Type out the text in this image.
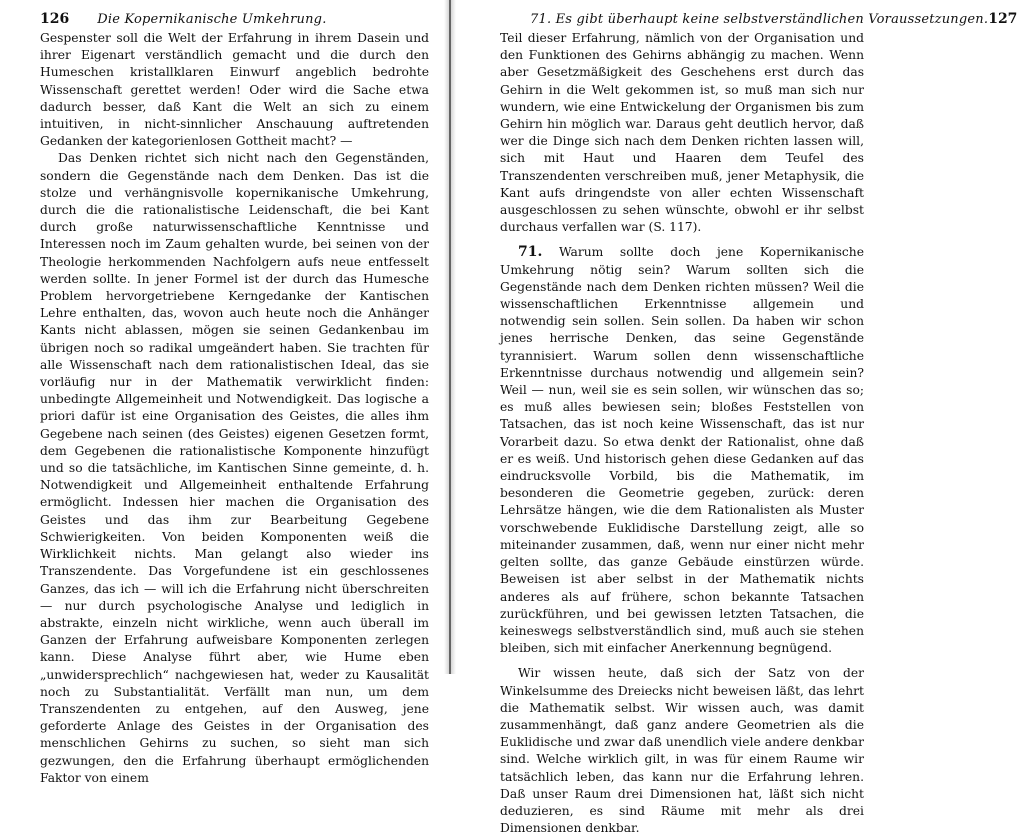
126 Die Kopernikanische Umkehrung.

Gespenster soll die Welt der Erfahrung in ihrem Dasein und ihrer Eigenart verständlich gemacht und die durch den Humeschen kristallklaren Einwurf angeblich bedrohte Wissenschaft gerettet werden! Oder wird die Sache etwa dadurch besser, daß Kant die Welt an sich zu einem intuitiven, in nicht-sinnlicher Anschauung auftretenden Gedanken der kategorienlosen Gottheit macht? —

Das Denken richtet sich nicht nach den Gegenständen, sondern die Gegenstände nach dem Denken. Das ist die stolze und verhängnisvolle kopernikanische Umkehrung, durch die die rationalistische Leidenschaft, die bei Kant durch große naturwissenschaftliche Kenntnisse und Interessen noch im Zaum gehalten wurde, bei seinen von der Theologie herkommenden Nachfolgern aufs neue entfesselt werden sollte. In jener Formel ist der durch das Humesche Problem hervorgetriebene Kerngedanke der Kantischen Lehre enthalten, das, wovon auch heute noch die Anhänger Kants nicht ablassen, mögen sie seinen Gedankenbau im übrigen noch so radikal umgeändert haben. Sie trachten für alle Wissenschaft nach dem rationalistischen Ideal, das sie vorläufig nur in der Mathematik verwirklicht finden: unbedingte Allgemeinheit und Notwendigkeit. Das logische a priori dafür ist eine Organisation des Geistes, die alles ihm Gegebene nach seinen (des Geistes) eigenen Gesetzen formt, dem Gegebenen die rationalistische Komponente hinzufügt und so die tatsächliche, im Kantischen Sinne gemeinte, d. h. Notwendigkeit und Allgemeinheit enthaltende Erfahrung ermöglicht. Indessen hier machen die Organisation des Geistes und das ihm zur Bearbeitung Gegebene Schwierigkeiten. Von beiden Komponenten weiß die Wirklichkeit nichts. Man gelangt also wieder ins Transzendente. Das Vorgefundene ist ein geschlossenes Ganzes, das ich — will ich die Erfahrung nicht überschreiten — nur durch psychologische Analyse und lediglich in abstrakte, einzeln nicht wirkliche, wenn auch überall im Ganzen der Erfahrung aufweisbare Komponenten zerlegen kann. Diese Analyse führt aber, wie Hume eben „unwidersprechlich“ nachgewiesen hat, weder zu Kausalität noch zu Substantialität. Verfällt man nun, um dem Transzendenten zu entgehen, auf den Ausweg, jene geforderte Anlage des Geistes in der Organisation des menschlichen Gehirns zu suchen, so sieht man sich gezwungen, den die Erfahrung überhaupt ermöglichenden Faktor von einem

71. Es gibt überhaupt keine selbstverständlichen Voraussetzungen. 127

Teil dieser Erfahrung, nämlich von der Organisation und den Funktionen des Gehirns abhängig zu machen. Wenn aber Gesetzmäßigkeit des Geschehens erst durch das Gehirn in die Welt gekommen ist, so muß man sich nur wundern, wie eine Entwickelung der Organismen bis zum Gehirn hin möglich war. Daraus geht deutlich hervor, daß wer die Dinge sich nach dem Denken richten lassen will, sich mit Haut und Haaren dem Teufel des Transzendenten verschreiben muß, jener Metaphysik, die Kant aufs dringendste von aller echten Wissenschaft ausgeschlossen zu sehen wünschte, obwohl er ihr selbst durchaus verfallen war (S. 117).

71. Warum sollte doch jene Kopernikanische Umkehrung nötig sein? Warum sollten sich die Gegenstände nach dem Denken richten müssen? Weil die wissenschaftlichen Erkenntnisse allgemein und notwendig sein sollen. Sein sollen. Da haben wir schon jenes herrische Denken, das seine Gegenstände tyrannisiert. Warum sollen denn wissenschaftliche Erkenntnisse durchaus notwendig und allgemein sein? Weil — nun, weil sie es sein sollen, wir wünschen das so; es muß alles bewiesen sein; bloßes Feststellen von Tatsachen, das ist noch keine Wissenschaft, das ist nur Vorarbeit dazu. So etwa denkt der Rationalist, ohne daß er es weiß. Und historisch gehen diese Gedanken auf das eindrucksvolle Vorbild, bis die Mathematik, im besonderen die Geometrie gegeben, zurück: deren Lehrsätze hängen, wie die dem Rationalisten als Muster vorschwebende Euklidische Darstellung zeigt, alle so miteinander zusammen, daß, wenn nur einer nicht mehr gelten sollte, das ganze Gebäude einstürzen würde. Beweisen ist aber selbst in der Mathematik nichts anderes als auf frühere, schon bekannte Tatsachen zurückführen, und bei gewissen letzten Tatsachen, die keineswegs selbstverständlich sind, muß auch sie stehen bleiben, sich mit einfacher Anerkennung begnügend.

Wir wissen heute, daß sich der Satz von der Winkelsumme des Dreiecks nicht beweisen läßt, das lehrt die Mathematik selbst. Wir wissen auch, was damit zusammenhängt, daß ganz andere Geometrien als die Euklidische und zwar daß unendlich viele andere denkbar sind. Welche wirklich gilt, in was für einem Raume wir tatsächlich leben, das kann nur die Erfahrung lehren. Daß unser Raum drei Dimensionen hat, läßt sich nicht deduzieren, es sind Räume mit mehr als drei Dimensionen denkbar.
